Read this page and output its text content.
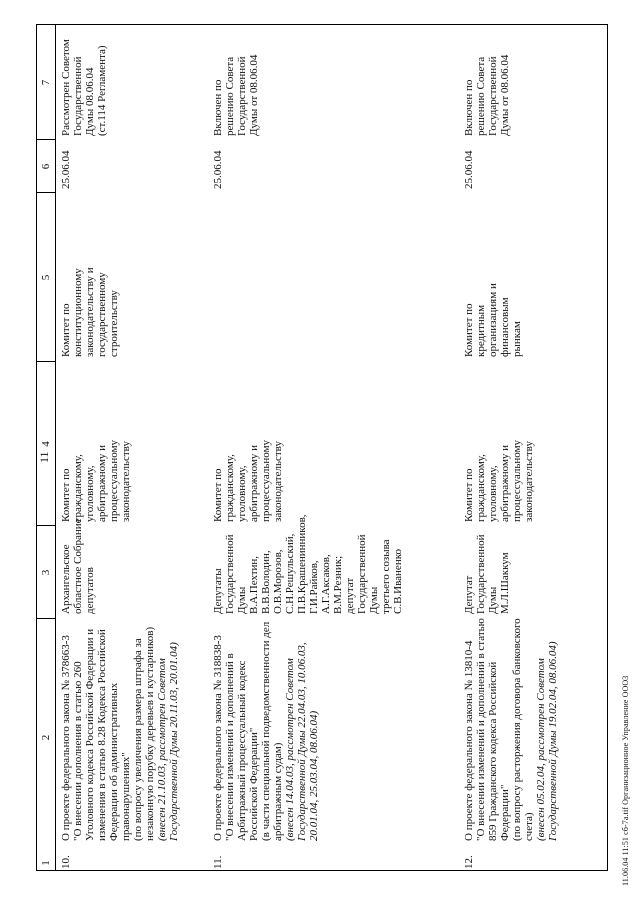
11
1
2
3
4
5
6
7
10.
О проекте федерального закона № 378663-3 "О внесении дополнения в статью 260 Уголовного кодекса Российской Федерации и изменения в статью 8.28 Кодекса Российской Федерации об административных правонарушениях" (по вопросу увеличения размера штрафа за незаконную порубку деревьев и кустарников) (внесен 21.10.03, рассмотрен Советом Государственной Думы 20.11.03, 20.01.04)
Архангельское областное Собрание депутатов
Комитет по гражданскому, уголовному, арбитражному и процессуальному законодательству
Комитет по конституционному законодательству и государственному строительству
25.06.04
Рассмотрен Советом Государственной Думы 08.06.04 (ст.114 Регламента)
11.
О проекте федерального закона № 318838-3 "О внесении изменений и дополнений в Арбитражный процессуальный кодекс Российской Федерации" (в части специальной подведомственности дел арбитражным судам) (внесен 14.04.03, рассмотрен Советом Государственной Думы 22.04.03, 10.06.03, 20.01.04, 25.03.04, 08.06.04)
Депутаты Государственной Думы В.А.Пехтин, В.В.Володин, О.В.Морозов, С.Н.Решульский, П.В.Крашенинников, Г.И.Райков, А.Г.Аксаков, В.М.Резник; депутат Государственной Думы третьего созыва С.В.Иваненко
Комитет по гражданскому, уголовному, арбитражному и процессуальному законодательству
25.06.04
Включен по решению Совета Государственной Думы от 08.06.04
12.
О проекте федерального закона № 13810-4 "О внесении изменений и дополнений в статью 859 Гражданского кодекса Российской Федерации" (по вопросу расторжения договора банковского счета) (внесен 05.02.04, рассмотрен Советом Государственной Думы 19.02.04, 08.06.04)
Депутат Государственной Думы М.Л.Шаккум
Комитет по гражданскому, уголовному, арбитражному и процессуальному законодательству
Комитет по кредитным организациям и финансовым рынкам
25.06.04
Включен по решению Совета Государственной Думы от 08.06.04
11.06.04 11:51 сб-7а.tif Организационное Управление ООО3
